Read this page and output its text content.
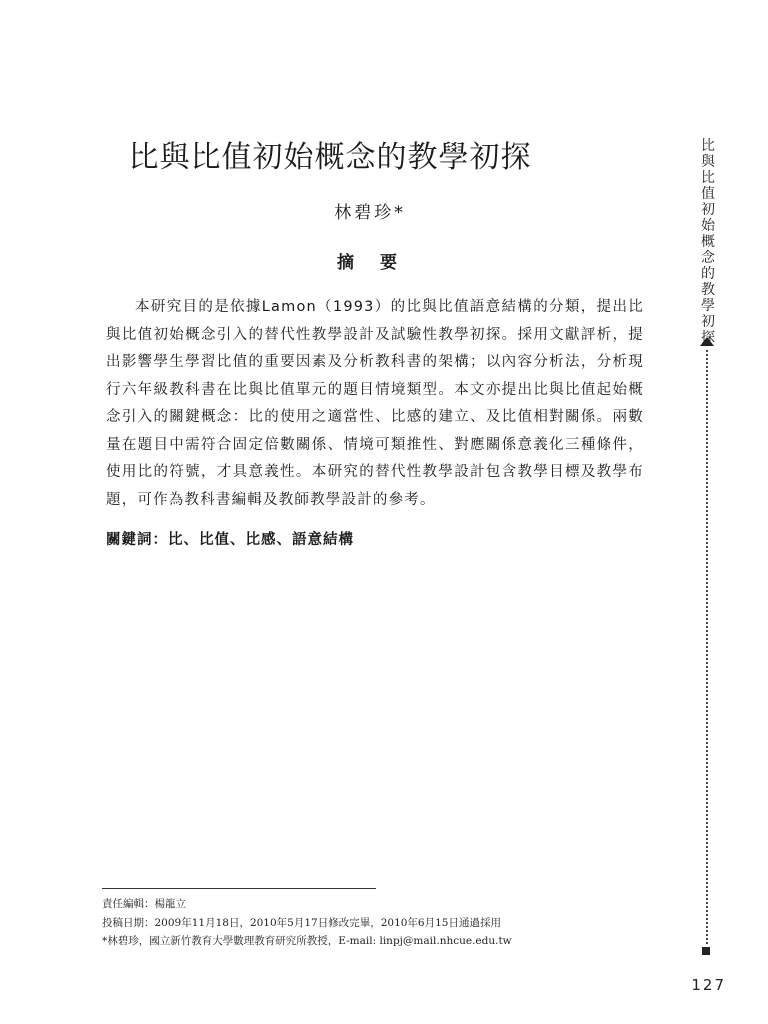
比與比值初始概念的教學初探
林碧珍*
摘 要

本研究目的是依據Lamon（1993）的比與比值語意結構的分類，提出比與比值初始概念引入的替代性教學設計及試驗性教學初探。採用文獻評析，提出影響學生學習比值的重要因素及分析教科書的架構；以內容分析法，分析現行六年級教科書在比與比值單元的題目情境類型。本文亦提出比與比值起始概念引入的關鍵概念：比的使用之適當性、比感的建立、及比值相對關係。兩數量在題目中需符合固定倍數關係、情境可類推性、對應關係意義化三種條件，使用比的符號，才具意義性。本研究的替代性教學設計包含教學目標及教學布題，可作為教科書編輯及教師教學設計的參考。

關鍵詞：比、比值、比感、語意結構
責任編輯：楊龍立
投稿日期：2009年11月18日，2010年5月17日修改完畢，2010年6月15日通過採用
*林碧珍，國立新竹教育大學數理教育研究所教授，E-mail: linpj@mail.nhcue.edu.tw
比
與
比
值
初
始
概
念
的
教
學
初
探
127
